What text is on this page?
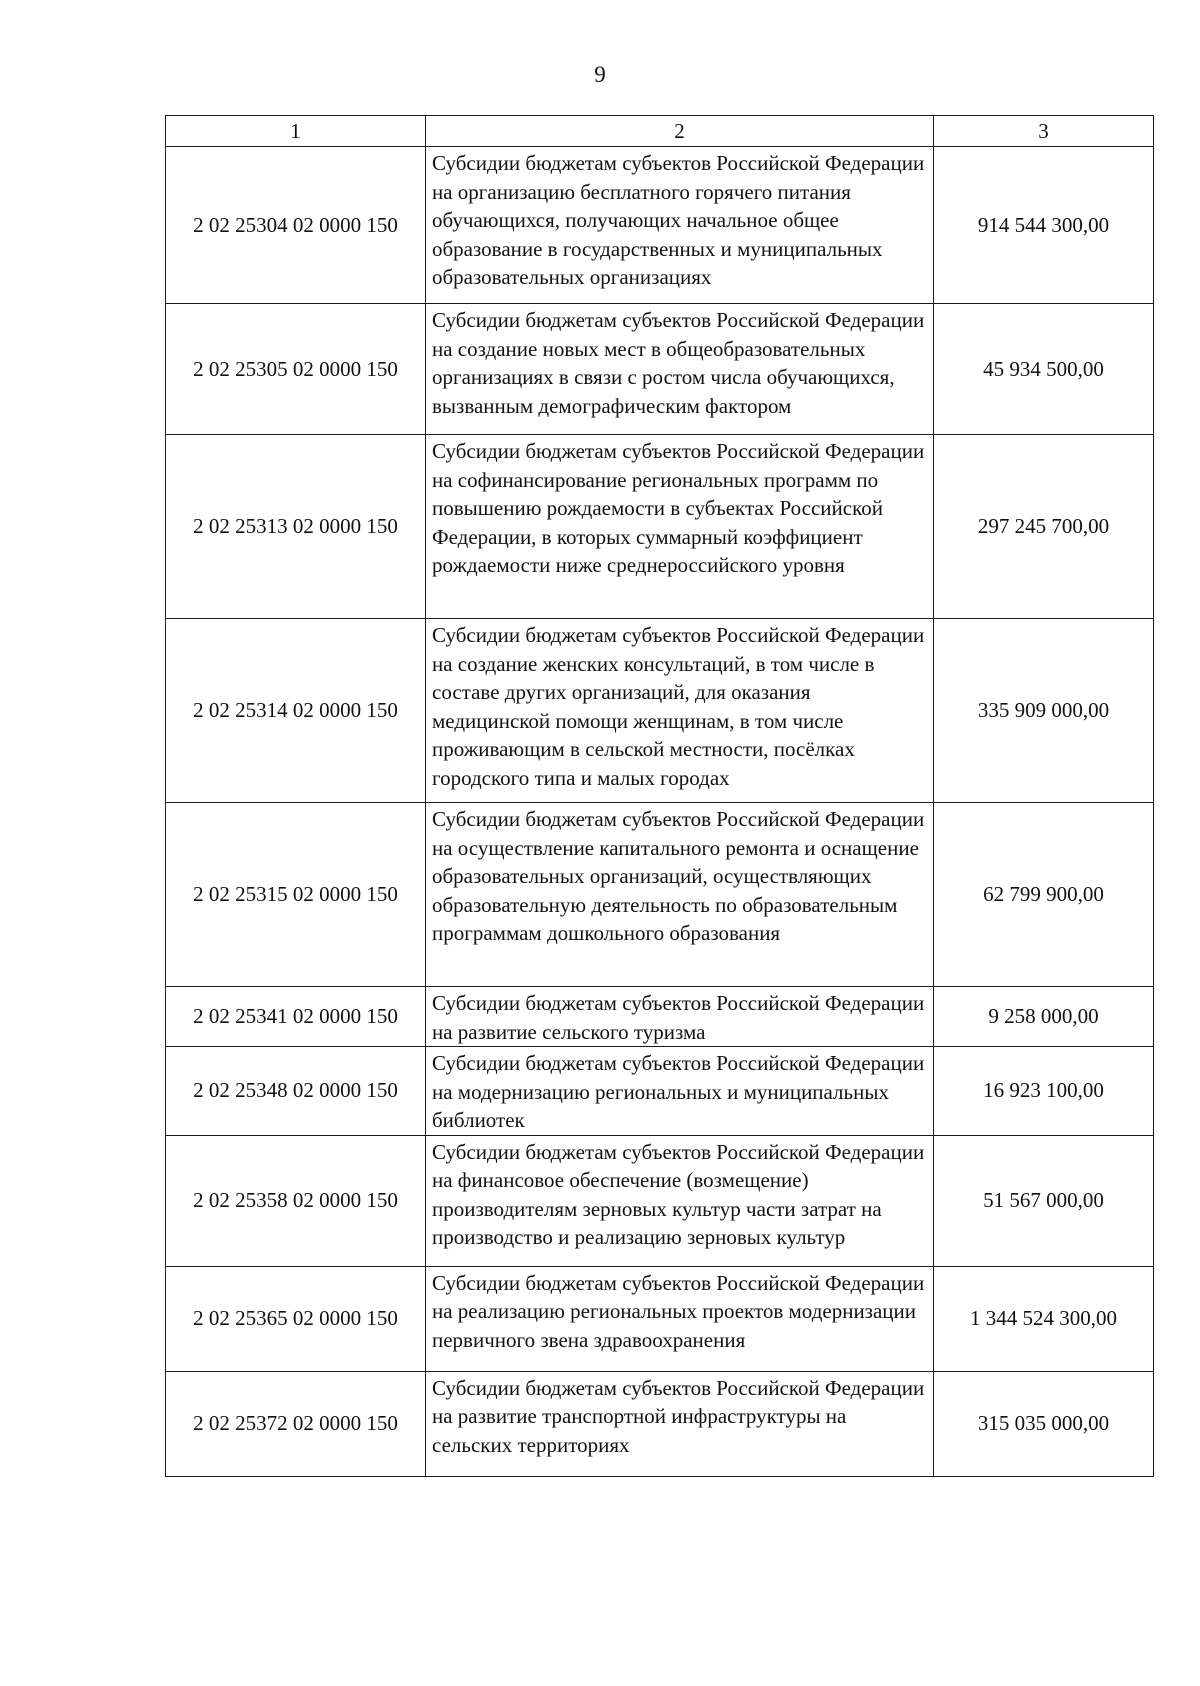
9
1	2	3
2 02 25304 02 0000 150	Субсидии бюджетам субъектов Российской Федерации на организацию бесплатного горячего питания обучающихся, получающих начальное общее образование в государственных и муниципальных образовательных организациях	914 544 300,00
2 02 25305 02 0000 150	Субсидии бюджетам субъектов Российской Федерации на создание новых мест в общеобразовательных организациях в связи с ростом числа обучающихся, вызванным демографическим фактором	45 934 500,00
2 02 25313 02 0000 150	Субсидии бюджетам субъектов Российской Федерации на софинансирование региональных программ по повышению рождаемости в субъектах Российской Федерации, в которых суммарный коэффициент рождаемости ниже среднероссийского уровня	297 245 700,00
2 02 25314 02 0000 150	Субсидии бюджетам субъектов Российской Федерации на создание женских консультаций, в том числе в составе других организаций, для оказания медицинской помощи женщинам, в том числе проживающим в сельской местности, посёлках городского типа и малых городах	335 909 000,00
2 02 25315 02 0000 150	Субсидии бюджетам субъектов Российской Федерации на осуществление капитального ремонта и оснащение образовательных организаций, осуществляющих образовательную деятельность по образовательным программам дошкольного образования	62 799 900,00
2 02 25341 02 0000 150	Субсидии бюджетам субъектов Российской Федерации на развитие сельского туризма	9 258 000,00
2 02 25348 02 0000 150	Субсидии бюджетам субъектов Российской Федерации на модернизацию региональных и муниципальных библиотек	16 923 100,00
2 02 25358 02 0000 150	Субсидии бюджетам субъектов Российской Федерации на финансовое обеспечение (возмещение) производителям зерновых культур части затрат на производство и реализацию зерновых культур	51 567 000,00
2 02 25365 02 0000 150	Субсидии бюджетам субъектов Российской Федерации на реализацию региональных проектов модернизации первичного звена здравоохранения	1 344 524 300,00
2 02 25372 02 0000 150	Субсидии бюджетам субъектов Российской Федерации на развитие транспортной инфраструктуры на сельских территориях	315 035 000,00
